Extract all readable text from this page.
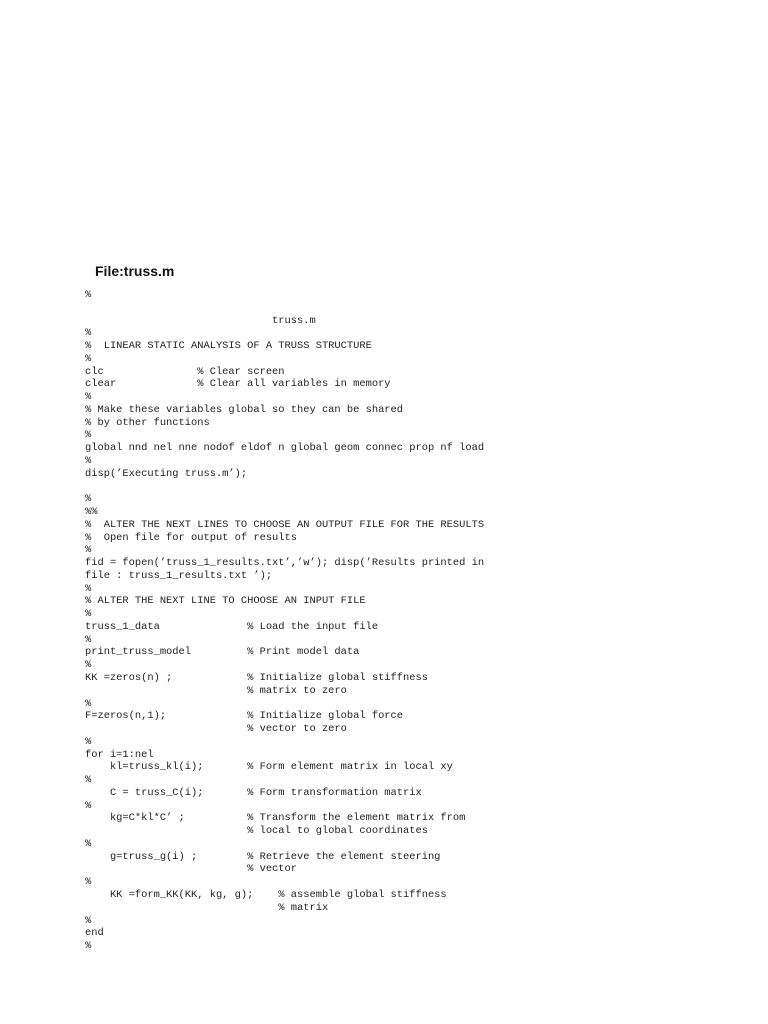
File:truss.m
%
truss.m
%
%  LINEAR STATIC ANALYSIS OF A TRUSS STRUCTURE
%
clc               % Clear screen
clear             % Clear all variables in memory
%
% Make these variables global so they can be shared
% by other functions
%
global nnd nel nne nodof eldof n global geom connec prop nf load
%
disp(’Executing truss.m’);
%
%%
%  ALTER THE NEXT LINES TO CHOOSE AN OUTPUT FILE FOR THE RESULTS
%  Open file for output of results
%
fid = fopen(’truss_1_results.txt’,’w’); disp(’Results printed in
file : truss_1_results.txt ’);
%
% ALTER THE NEXT LINE TO CHOOSE AN INPUT FILE
%
truss_1_data              % Load the input file
%
print_truss_model         % Print model data
%
KK =zeros(n) ;            % Initialize global stiffness
% matrix to zero
%
F=zeros(n,1);             % Initialize global force
% vector to zero
%
for i=1:nel
kl=truss_kl(i);       % Form element matrix in local xy
%
C = truss_C(i);       % Form transformation matrix
%
kg=C*kl*C’ ;          % Transform the element matrix from
% local to global coordinates
%
g=truss_g(i) ;        % Retrieve the element steering
% vector
%
KK =form_KK(KK, kg, g);    % assemble global stiffness
% matrix
%
end
%
